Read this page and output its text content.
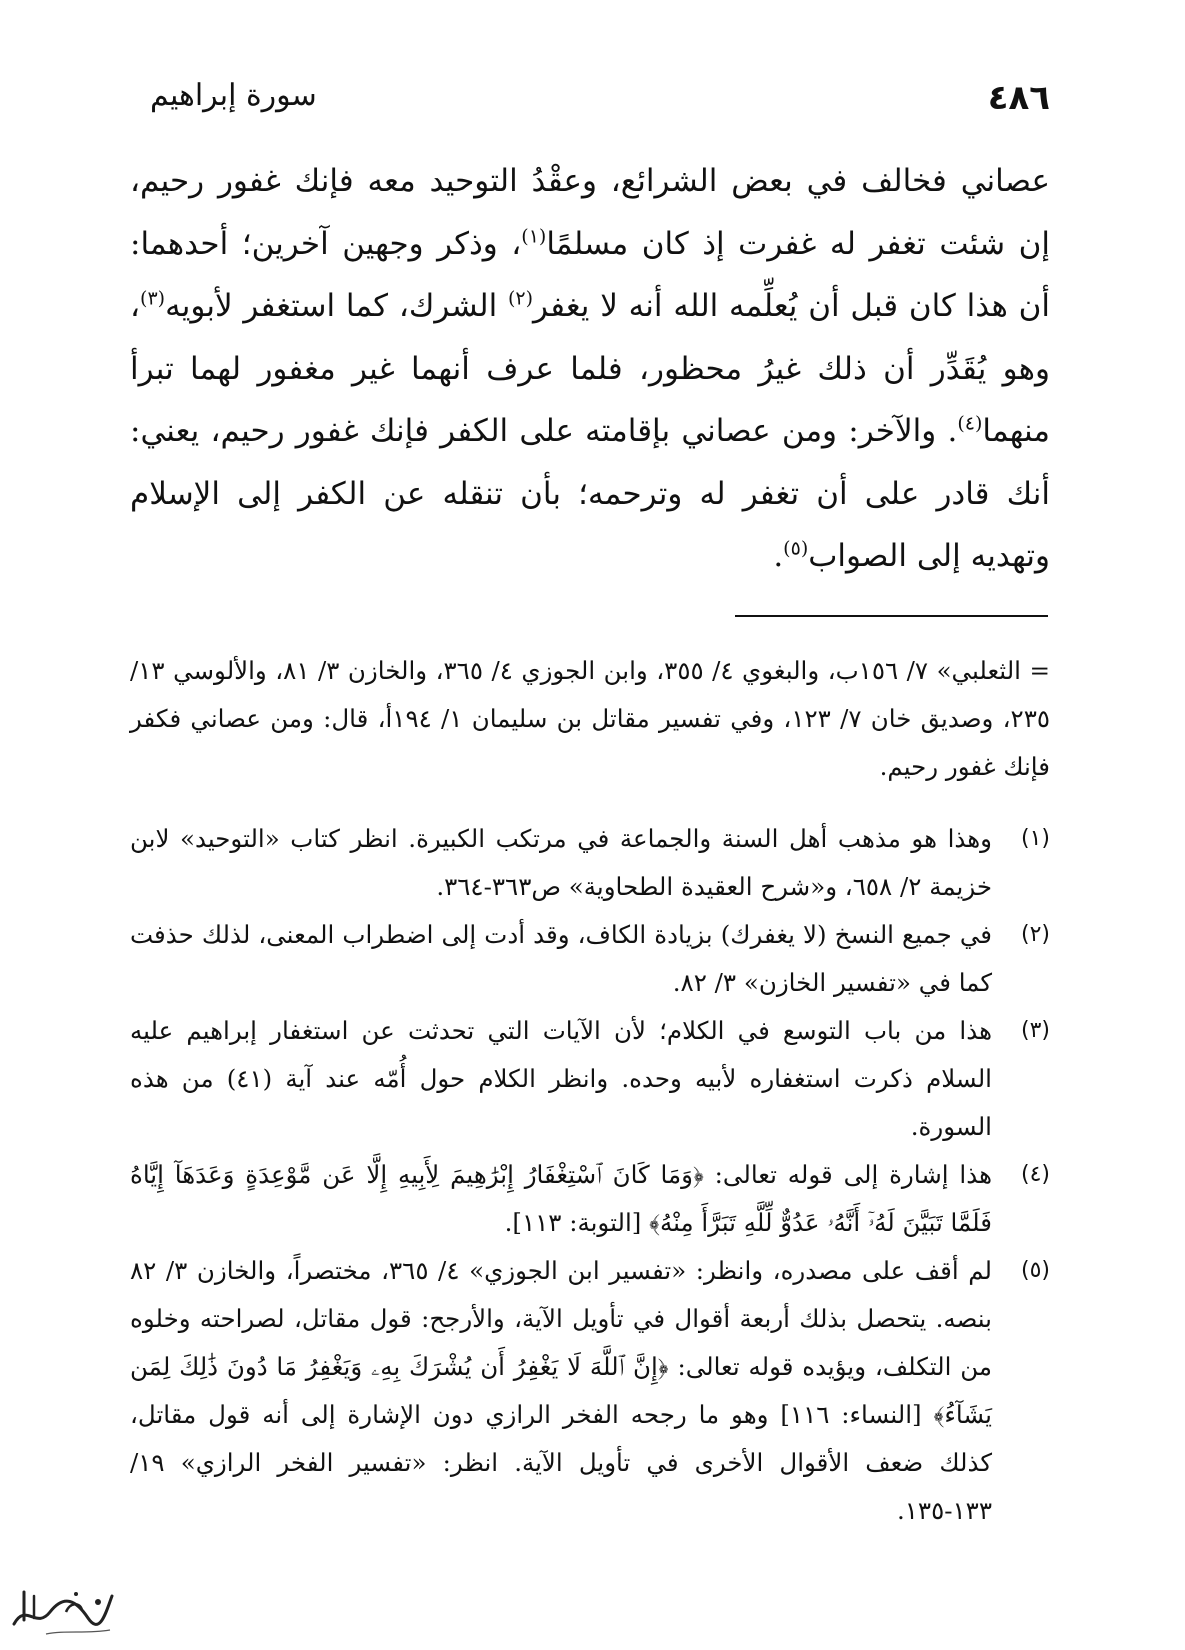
٤٨٦
سورة إبراهيم

عصاني فخالف في بعض الشرائع، وعقْدُ التوحيد معه فإنك غفور رحيم، إن شئت تغفر له غفرت إذ كان مسلمًا$^{(١)}$، وذكر وجهين آخرين؛ أحدهما: أن هذا كان قبل أن يُعلِّمه الله أنه لا يغفر$^{(٢)}$ الشرك، كما استغفر لأبويه$^{(٣)}$، وهو يُقَدِّر أن ذلك غيرُ محظور، فلما عرف أنهما غير مغفور لهما تبرأ منهما$^{(٤)}$. والآخر: ومن عصاني بإقامته على الكفر فإنك غفور رحيم، يعني: أنك قادر على أن تغفر له وترحمه؛ بأن تنقله عن الكفر إلى الإسلام وتهديه إلى الصواب$^{(٥)}$.

= الثعلبي» ٧/ ١٥٦ب، والبغوي ٤/ ٣٥٥، وابن الجوزي ٤/ ٣٦٥، والخازن ٣/ ٨١، والألوسي ١٣/ ٢٣٥، وصديق خان ٧/ ١٢٣، وفي تفسير مقاتل بن سليمان ١/ ١٩٤أ، قال: ومن عصاني فكفر فإنك غفور رحيم.

(١)
وهذا هو مذهب أهل السنة والجماعة في مرتكب الكبيرة. انظر كتاب «التوحيد» لابن خزيمة ٢/ ٦٥٨، و«شرح العقيدة الطحاوية» ص٣٦٣-٣٦٤.
(٢)
في جميع النسخ (لا يغفرك) بزيادة الكاف، وقد أدت إلى اضطراب المعنى، لذلك حذفت كما في «تفسير الخازن» ٣/ ٨٢.
(٣)
هذا من باب التوسع في الكلام؛ لأن الآيات التي تحدثت عن استغفار إبراهيم عليه السلام ذكرت استغفاره لأبيه وحده. وانظر الكلام حول أُمّه عند آية (٤١) من هذه السورة.
(٤)
هذا إشارة إلى قوله تعالى: ﴿وَمَا كَانَ ٱسْتِغْفَارُ إِبْرَٰهِيمَ لِأَبِيهِ إِلَّا عَن مَّوْعِدَةٍ وَعَدَهَآ إِيَّاهُ فَلَمَّا تَبَيَّنَ لَهُۥٓ أَنَّهُۥ عَدُوٌّ لِّلَّهِ تَبَرَّأَ مِنْهُ﴾ [التوبة: ١١٣].
(٥)
لم أقف على مصدره، وانظر: «تفسير ابن الجوزي» ٤/ ٣٦٥، مختصراً، والخازن ٣/ ٨٢ بنصه. يتحصل بذلك أربعة أقوال في تأويل الآية، والأرجح: قول مقاتل، لصراحته وخلوه من التكلف، ويؤيده قوله تعالى: ﴿إِنَّ ٱللَّهَ لَا يَغْفِرُ أَن يُشْرَكَ بِهِۦ وَيَغْفِرُ مَا دُونَ ذَٰلِكَ لِمَن يَشَآءُ﴾ [النساء: ١١٦] وهو ما رجحه الفخر الرازي دون الإشارة إلى أنه قول مقاتل، كذلك ضعف الأقوال الأخرى في تأويل الآية. انظر: «تفسير الفخر الرازي» ١٩/ ١٣٣-١٣٥.
